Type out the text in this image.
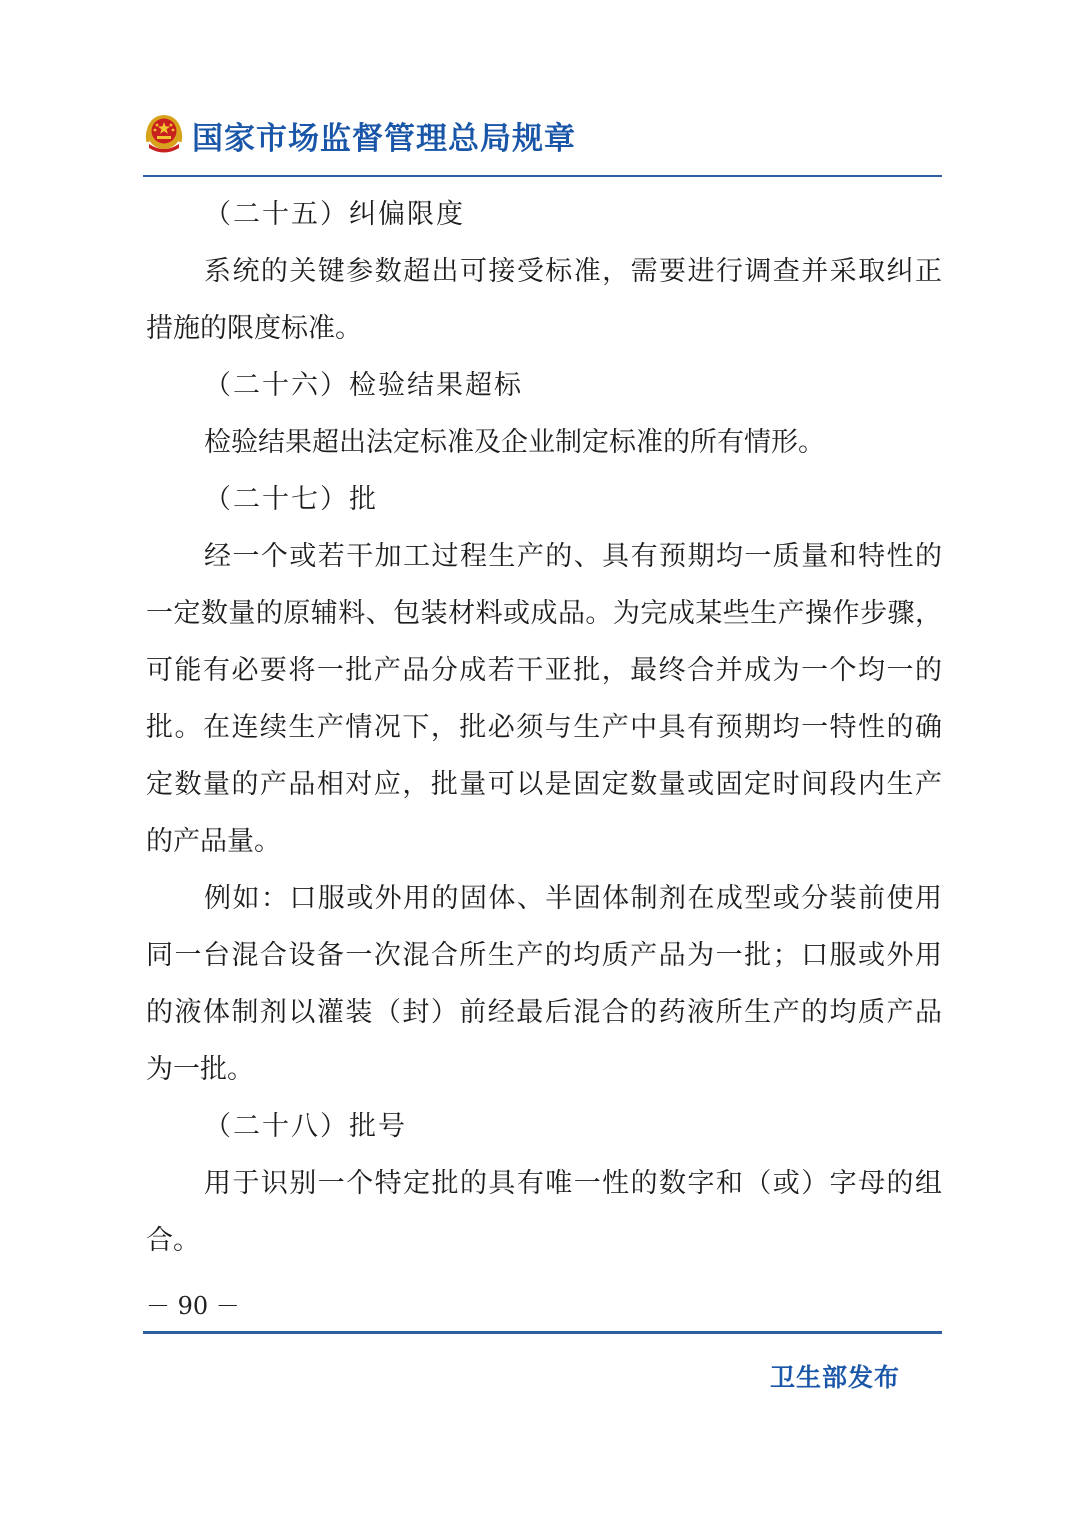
国家市场监督管理总局规章
（二十五）纠偏限度
系统的关键参数超出可接受标准，需要进行调查并采取纠正
措施的限度标准。
（二十六）检验结果超标
检验结果超出法定标准及企业制定标准的所有情形。
（二十七）批
经一个或若干加工过程生产的、具有预期均一质量和特性的
一定数量的原辅料、包装材料或成品。为完成某些生产操作步骤，
可能有必要将一批产品分成若干亚批，最终合并成为一个均一的
批。在连续生产情况下，批必须与生产中具有预期均一特性的确
定数量的产品相对应，批量可以是固定数量或固定时间段内生产
的产品量。
例如：口服或外用的固体、半固体制剂在成型或分装前使用
同一台混合设备一次混合所生产的均质产品为一批；口服或外用
的液体制剂以灌装（封）前经最后混合的药液所生产的均质产品
为一批。
（二十八）批号
用于识别一个特定批的具有唯一性的数字和（或）字母的组
合。
－ 90 －
卫生部发布
